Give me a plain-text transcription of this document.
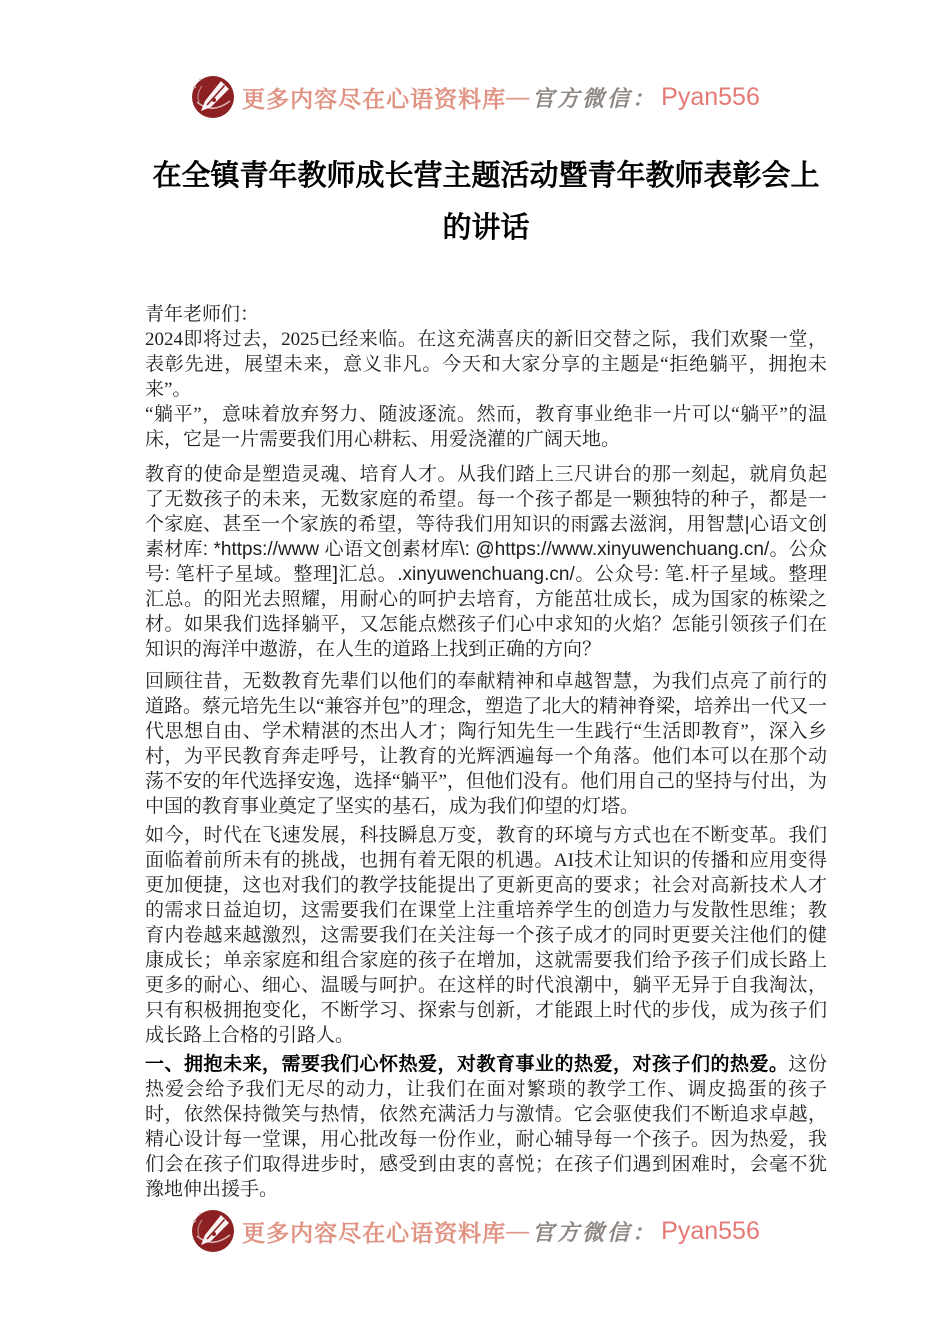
更多内容尽在心语资料库 — 官方微信： Pyan556
在全镇青年教师成长营主题活动暨青年教师表彰会上的讲话

青年老师们：

2024即将过去，2025已经来临。在这充满喜庆的新旧交替之际，我们欢聚一堂，表彰先进，展望未来，意义非凡。今天和大家分享的主题是“拒绝躺平，拥抱未来”。

“躺平”，意味着放弃努力、随波逐流。然而，教育事业绝非一片可以“躺平”的温床，它是一片需要我们用心耕耘、用爱浇灌的广阔天地。

教育的使命是塑造灵魂、培育人才。从我们踏上三尺讲台的那一刻起，就肩负起了无数孩子的未来，无数家庭的希望。每一个孩子都是一颗独特的种子，都是一个家庭、甚至一个家族的希望，等待我们用知识的雨露去滋润，用智慧|心语文创素材库: *https://www 心语文创素材库\: @https://www.xinyuwenchuang.cn/。公众号: 笔杆子星域。整理]汇总。.xinyuwenchuang.cn/。公众号: 笔.杆子星域。整理汇总。的阳光去照耀，用耐心的呵护去培育，方能茁壮成长，成为国家的栋梁之材。如果我们选择躺平，又怎能点燃孩子们心中求知的火焰？怎能引领孩子们在知识的海洋中遨游，在人生的道路上找到正确的方向？

回顾往昔，无数教育先辈们以他们的奉献精神和卓越智慧，为我们点亮了前行的道路。蔡元培先生以“兼容并包”的理念，塑造了北大的精神脊梁，培养出一代又一代思想自由、学术精湛的杰出人才；陶行知先生一生践行“生活即教育”，深入乡村，为平民教育奔走呼号，让教育的光辉洒遍每一个角落。他们本可以在那个动荡不安的年代选择安逸，选择“躺平”，但他们没有。他们用自己的坚持与付出，为中国的教育事业奠定了坚实的基石，成为我们仰望的灯塔。

如今，时代在飞速发展，科技瞬息万变，教育的环境与方式也在不断变革。我们面临着前所未有的挑战，也拥有着无限的机遇。AI技术让知识的传播和应用变得更加便捷，这也对我们的教学技能提出了更新更高的要求；社会对高新技术人才的需求日益迫切，这需要我们在课堂上注重培养学生的创造力与发散性思维；教育内卷越来越激烈，这需要我们在关注每一个孩子成才的同时更要关注他们的健康成长；单亲家庭和组合家庭的孩子在增加，这就需要我们给予孩子们成长路上更多的耐心、细心、温暖与呵护。在这样的时代浪潮中，躺平无异于自我淘汰，只有积极拥抱变化，不断学习、探索与创新，才能跟上时代的步伐，成为孩子们成长路上合格的引路人。

一、拥抱未来，需要我们心怀热爱，对教育事业的热爱，对孩子们的热爱。这份热爱会给予我们无尽的动力，让我们在面对繁琐的教学工作、调皮捣蛋的孩子时，依然保持微笑与热情，依然充满活力与激情。它会驱使我们不断追求卓越，精心设计每一堂课，用心批改每一份作业，耐心辅导每一个孩子。因为热爱，我们会在孩子们取得进步时，感受到由衷的喜悦；在孩子们遇到困难时，会毫不犹豫地伸出援手。

更多内容尽在心语资料库 — 官方微信： Pyan556
